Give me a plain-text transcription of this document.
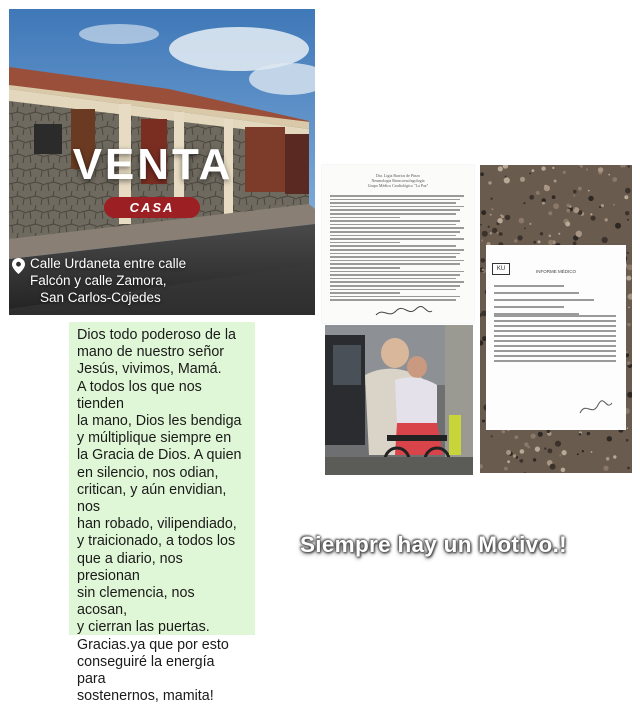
VENTA
CASA
Calle Urdaneta entre calle
Falcón y calle Zamora,
San Carlos-Cojedes
Dra. Ligia Barrios de Pinzo
Neumología Broncoesofagología
Grupo Médico Cardiológico "La Paz"
KU	INFORME MÉDICO

Dios todo poderoso de la
mano de nuestro señor
Jesús, vivimos, Mamá.
A todos los que nos tienden
la mano, Dios les bendiga
y múltiplique siempre en
la Gracia de Dios. A quien
en silencio, nos odian,
critican, y aún envidian, nos
han robado, vilipendiado,
y traicionado, a todos los
que a diario, nos presionan
sin clemencia, nos acosan,
y cierran las puertas.
Gracias.ya que por esto
conseguiré la energía para
sostenernos, mamita!

Siempre hay un Motivo.!
